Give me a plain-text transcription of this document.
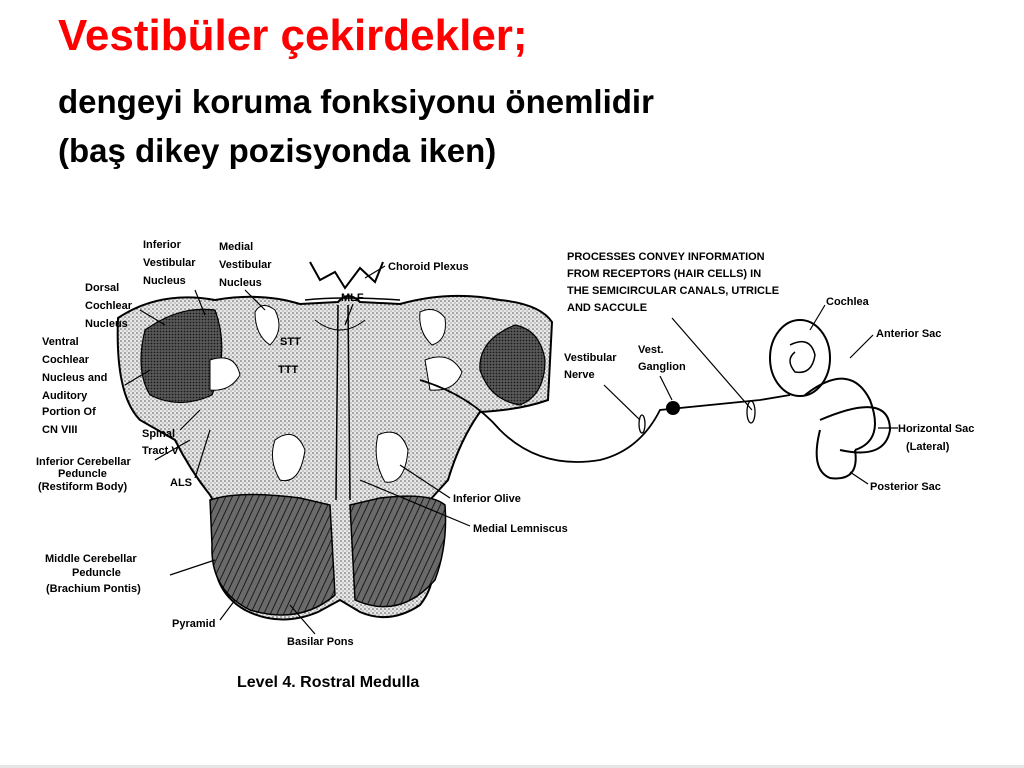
Vestibüler çekirdekler;

dengeyi koruma fonksiyonu önemlidir

(baş dikey pozisyonda iken)

Inferior Vestibular Nucleus
Medial Vestibular Nucleus
Choroid Plexus
MLF
STT
TTT
Dorsal Cochlear Nucleus
Ventral Cochlear Nucleus and Auditory Portion Of CN VIII	Spinal Tract V
Inferior Cerebellar Peduncle (Restiform Body)	ALS
Middle Cerebellar Peduncle (Brachium Pontis)
Pyramid
Basilar Pons
Inferior Olive
Medial Lemniscus
PROCESSES CONVEY INFORMATION FROM RECEPTORS (HAIR CELLS) IN THE SEMICIRCULAR CANALS, UTRICLE AND SACCULE
Vestibular Nerve
Vest. Ganglion
Cochlea
Anterior Sac
Horizontal Sac (Lateral)
Posterior Sac
Level 4. Rostral Medulla
